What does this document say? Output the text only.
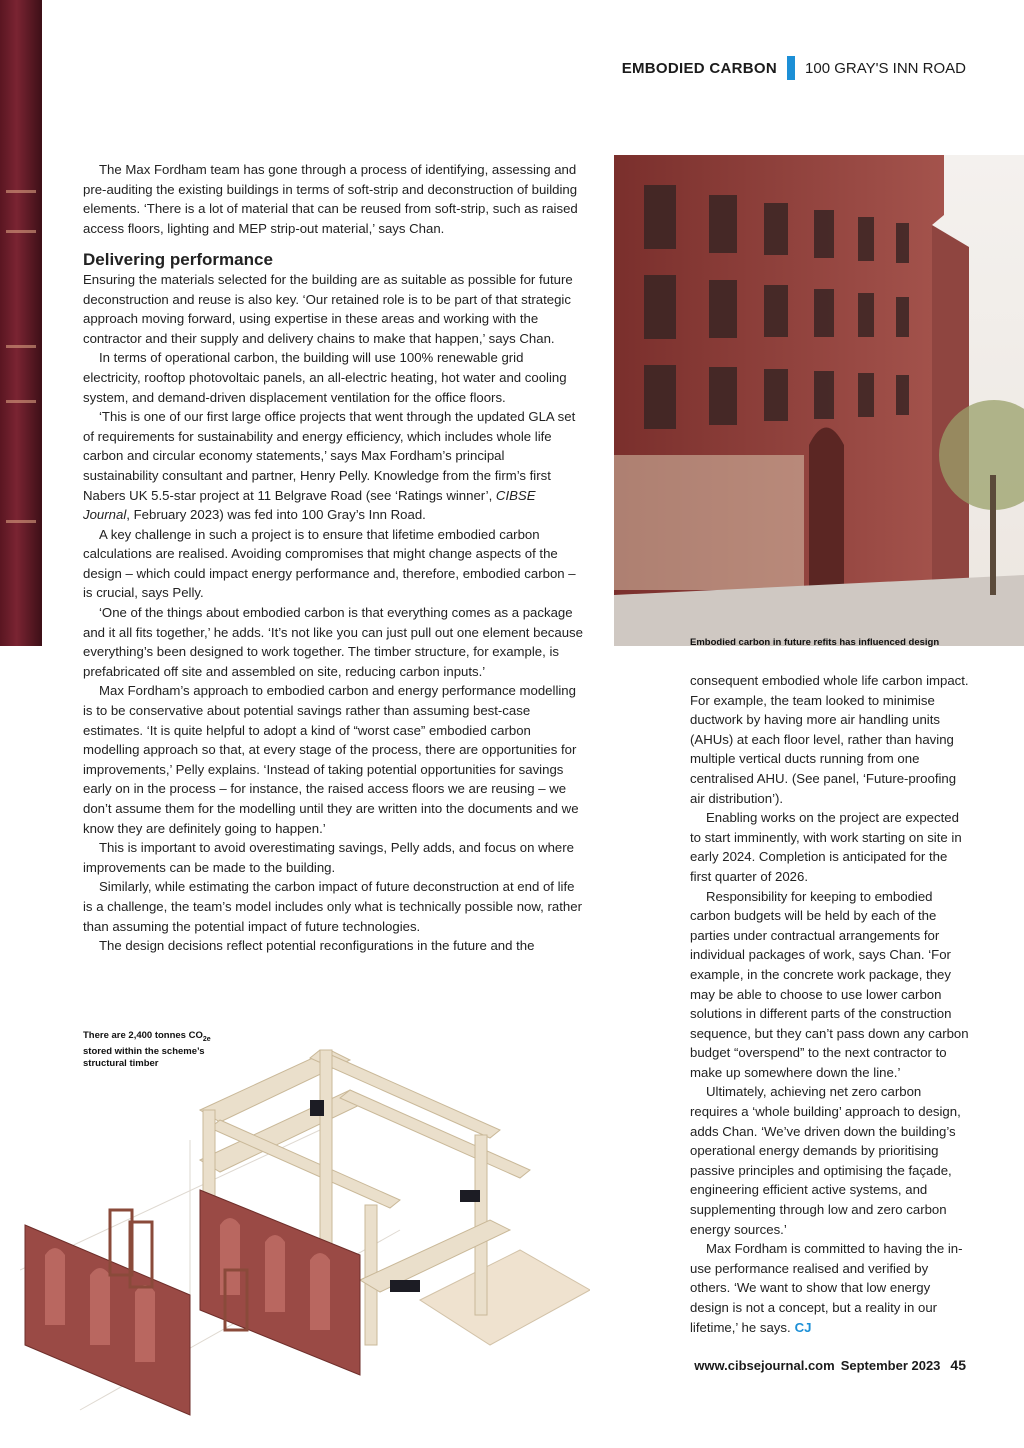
EMBODIED CARBON 100 GRAY'S INN ROAD

The Max Fordham team has gone through a process of identifying, assessing and pre-auditing the existing buildings in terms of soft-strip and deconstruction of building elements. ‘There is a lot of material that can be reused from soft-strip, such as raised access floors, lighting and MEP strip-out material,’ says Chan.

Delivering performance

Ensuring the materials selected for the building are as suitable as possible for future deconstruction and reuse is also key. ‘Our retained role is to be part of that strategic approach moving forward, using expertise in these areas and working with the contractor and their supply and delivery chains to make that happen,’ says Chan.

In terms of operational carbon, the building will use 100% renewable grid electricity, rooftop photovoltaic panels, an all-electric heating, hot water and cooling system, and demand-driven displacement ventilation for the office floors.

‘This is one of our first large office projects that went through the updated GLA set of requirements for sustainability and energy efficiency, which includes whole life carbon and circular economy statements,’ says Max Fordham’s principal sustainability consultant and partner, Henry Pelly. Knowledge from the firm’s first Nabers UK 5.5-star project at 11 Belgrave Road (see ‘Ratings winner’, CIBSE Journal, February 2023) was fed into 100 Gray’s Inn Road.

A key challenge in such a project is to ensure that lifetime embodied carbon calculations are realised. Avoiding compromises that might change aspects of the design – which could impact energy performance and, therefore, embodied carbon – is crucial, says Pelly.

‘One of the things about embodied carbon is that everything comes as a package and it all fits together,’ he adds. ‘It’s not like you can just pull out one element because everything’s been designed to work together. The timber structure, for example, is prefabricated off site and assembled on site, reducing carbon inputs.’

Max Fordham’s approach to embodied carbon and energy performance modelling is to be conservative about potential savings rather than assuming best-case estimates. ‘It is quite helpful to adopt a kind of “worst case” embodied carbon modelling approach so that, at every stage of the process, there are opportunities for improvements,’ Pelly explains. ‘Instead of taking potential opportunities for savings early on in the process – for instance, the raised access floors we are reusing – we don’t assume them for the modelling until they are written into the documents and we know they are definitely going to happen.’

This is important to avoid overestimating savings, Pelly adds, and focus on where improvements can be made to the building.

Similarly, while estimating the carbon impact of future deconstruction at end of life is a challenge, the team’s model includes only what is technically possible now, rather than assuming the potential impact of future technologies.

The design decisions reflect potential reconfigurations in the future and the

Embodied carbon in future refits has influenced design

consequent embodied whole life carbon impact. For example, the team looked to minimise ductwork by having more air handling units (AHUs) at each floor level, rather than having multiple vertical ducts running from one centralised AHU. (See panel, ‘Future-proofing air distribution’).

Enabling works on the project are expected to start imminently, with work starting on site in early 2024. Completion is anticipated for the first quarter of 2026.

Responsibility for keeping to embodied carbon budgets will be held by each of the parties under contractual arrangements for individual packages of work, says Chan. ‘For example, in the concrete work package, they may be able to choose to use lower carbon solutions in different parts of the construction sequence, but they can’t pass down any carbon budget “overspend” to the next contractor to make up somewhere down the line.’

Ultimately, achieving net zero carbon requires a ‘whole building’ approach to design, adds Chan. ‘We’ve driven down the building’s operational energy demands by prioritising passive principles and optimising the façade, engineering efficient active systems, and supplementing through low and zero carbon energy sources.’

Max Fordham is committed to having the in-use performance realised and verified by others. ‘We want to show that low energy design is not a concept, but a reality in our lifetime,’ he says. CJ

There are 2,400 tonnes $CO_{2e}$
stored within the scheme’s
structural timber
www.cibsejournal.com September 2023 45
